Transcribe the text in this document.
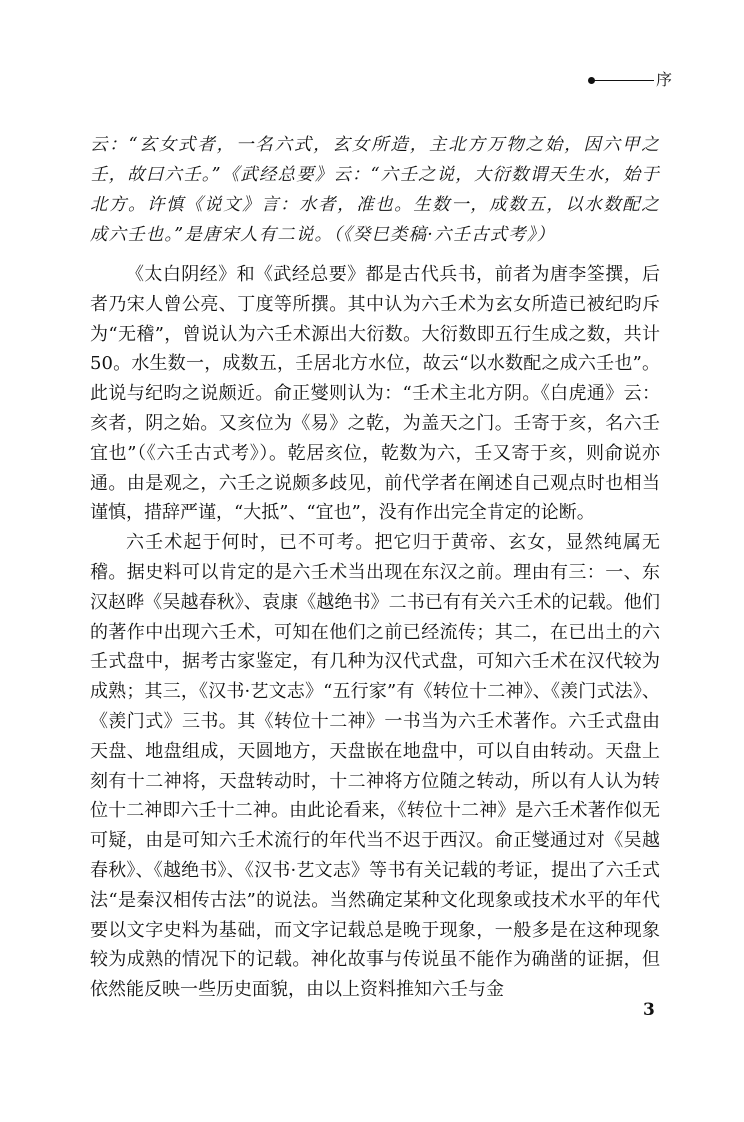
序

云：“玄女式者，一名六式，玄女所造，主北方万物之始，因六甲之壬，故曰六壬。”《武经总要》云：“六壬之说，大衍数谓天生水，始于北方。许慎《说文》言：水者，准也。生数一，成数五，以水数配之成六壬也。”是唐宋人有二说。（《癸巳类稿·六壬古式考》）

《太白阴经》和《武经总要》都是古代兵书，前者为唐李筌撰，后者乃宋人曾公亮、丁度等所撰。其中认为六壬术为玄女所造已被纪昀斥为“无稽”，曾说认为六壬术源出大衍数。大衍数即五行生成之数，共计50。水生数一，成数五，壬居北方水位，故云“以水数配之成六壬也”。此说与纪昀之说颇近。俞正燮则认为：“壬术主北方阴。《白虎通》云：亥者，阴之始。又亥位为《易》之乾，为盖天之门。壬寄于亥，名六壬宜也”（《六壬古式考》）。乾居亥位，乾数为六，壬又寄于亥，则俞说亦通。由是观之，六壬之说颇多歧见，前代学者在阐述自己观点时也相当谨慎，措辞严谨，“大抵”、“宜也”，没有作出完全肯定的论断。

六壬术起于何时，已不可考。把它归于黄帝、玄女，显然纯属无稽。据史料可以肯定的是六壬术当出现在东汉之前。理由有三：一、东汉赵晔《吴越春秋》、袁康《越绝书》二书已有有关六壬术的记载。他们的著作中出现六壬术，可知在他们之前已经流传；其二，在已出土的六壬式盘中，据考古家鉴定，有几种为汉代式盘，可知六壬术在汉代较为成熟；其三，《汉书·艺文志》“五行家”有《转位十二神》、《羡门式法》、《羡门式》三书。其《转位十二神》一书当为六壬术著作。六壬式盘由天盘、地盘组成，天圆地方，天盘嵌在地盘中，可以自由转动。天盘上刻有十二神将，天盘转动时，十二神将方位随之转动，所以有人认为转位十二神即六壬十二神。由此论看来，《转位十二神》是六壬术著作似无可疑，由是可知六壬术流行的年代当不迟于西汉。俞正燮通过对《吴越春秋》、《越绝书》、《汉书·艺文志》等书有关记载的考证，提出了六壬式法“是秦汉相传古法”的说法。当然确定某种文化现象或技术水平的年代要以文字史料为基础，而文字记载总是晚于现象，一般多是在这种现象较为成熟的情况下的记载。神化故事与传说虽不能作为确凿的证据，但依然能反映一些历史面貌，由以上资料推知六壬与金

3
